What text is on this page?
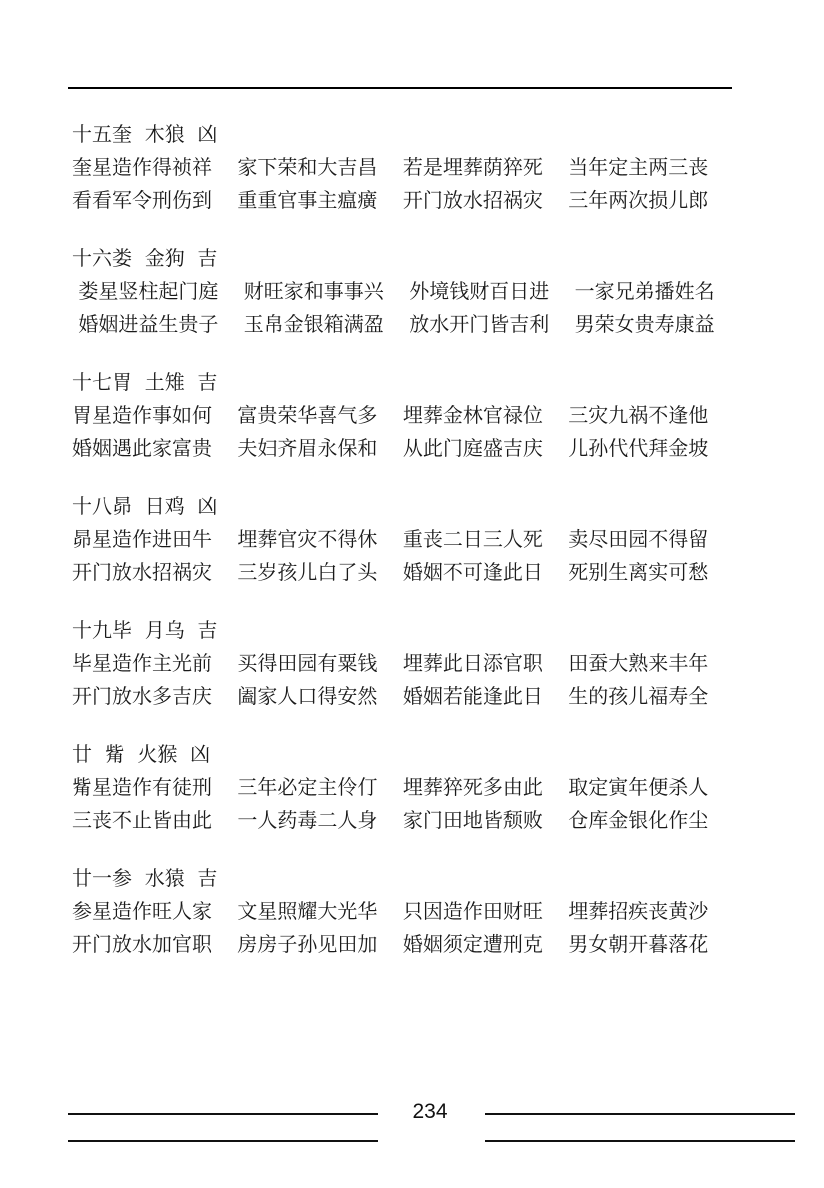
十五奎  木狼  凶
奎星造作得祯祥    家下荣和大吉昌    若是埋葬荫猝死    当年定主两三丧
看看军令刑伤到    重重官事主瘟癀    开门放水招祸灾    三年两次损儿郎
十六娄  金狗  吉
娄星竖柱起门庭    财旺家和事事兴    外境钱财百日进    一家兄弟播姓名
婚姻进益生贵子    玉帛金银箱满盈    放水开门皆吉利    男荣女贵寿康益
十七胃  土雉  吉
胃星造作事如何    富贵荣华喜气多    埋葬金林官禄位    三灾九祸不逢他
婚姻遇此家富贵    夫妇齐眉永保和    从此门庭盛吉庆    儿孙代代拜金坡
十八昴  日鸡  凶
昴星造作进田牛    埋葬官灾不得休    重丧二日三人死    卖尽田园不得留
开门放水招祸灾    三岁孩儿白了头    婚姻不可逢此日    死别生离实可愁
十九毕  月乌  吉
毕星造作主光前    买得田园有粟钱    埋葬此日添官职    田蚕大熟来丰年
开门放水多吉庆    阖家人口得安然    婚姻若能逢此日    生的孩儿福寿全
廿  觜  火猴  凶
觜星造作有徒刑    三年必定主伶仃    埋葬猝死多由此    取定寅年便杀人
三丧不止皆由此    一人药毒二人身    家门田地皆颓败    仓库金银化作尘
廿一参  水猿  吉
参星造作旺人家    文星照耀大光华    只因造作田财旺    埋葬招疾丧黄沙
开门放水加官职    房房子孙见田加    婚姻须定遭刑克    男女朝开暮落花
234
